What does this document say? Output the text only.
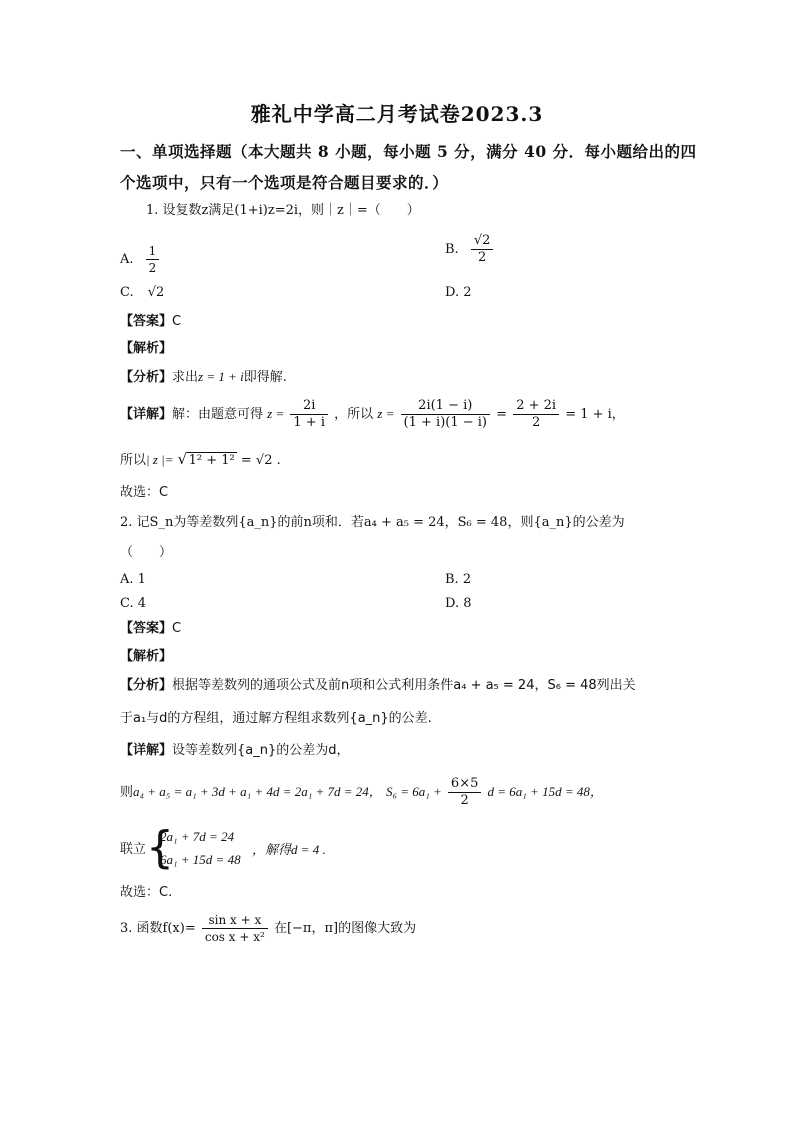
雅礼中学高二月考试卷2023.3
一、单项选择题（本大题共 8 小题，每小题 5 分，满分 40 分．每小题给出的四
个选项中，只有一个选项是符合题目要求的．）
1. 设复数z满足(1+i)z=2i，则｜z｜=（　　）
A. $\frac{1}{2}$	B. $\frac{√2}{2}$
C. √2	D. 2
【答案】C
【解析】
【分析】求出z = 1 + i即得解.
【详解】解：由题意可得 $z = \frac{2i}{1 + i}$ ，所以 $z = \frac{2i(1 - i)}{(1 + i)(1 - i)} = \frac{2 + 2i}{2} = 1 + i$，
所以| z |= √ 1² + 1² = √2 .
故选：C
2. 记S_n为等差数列{a_n}的前n项和．若a₄ + a₅ = 24，S₆ = 48，则{a_n}的公差为
（　　）
A. 1	B. 2
C. 4	D. 8
【答案】C
【解析】
【分析】根据等差数列的通项公式及前n项和公式利用条件a₄ + a₅ = 24，S₆ = 48列出关
于a₁与d的方程组，通过解方程组求数列{a_n}的公差.
【详解】设等差数列{a_n}的公差为d，
则a₄ + a₅ = a₁ + 3d + a₁ + 4d = 2a₁ + 7d = 24， $S_6 = 6a_1 + \frac{6\times 5}{2}$ d = 6a₁ + 15d = 48，
联立 {
2a₁ + 7d = 24
6a₁ + 15d = 48
，解得d = 4 .
故选：C.
3. 函数$f(x)= \frac{\text{sin x + x}}{\text{cos x + x²}}$ 在[−π，π]的图像大致为
